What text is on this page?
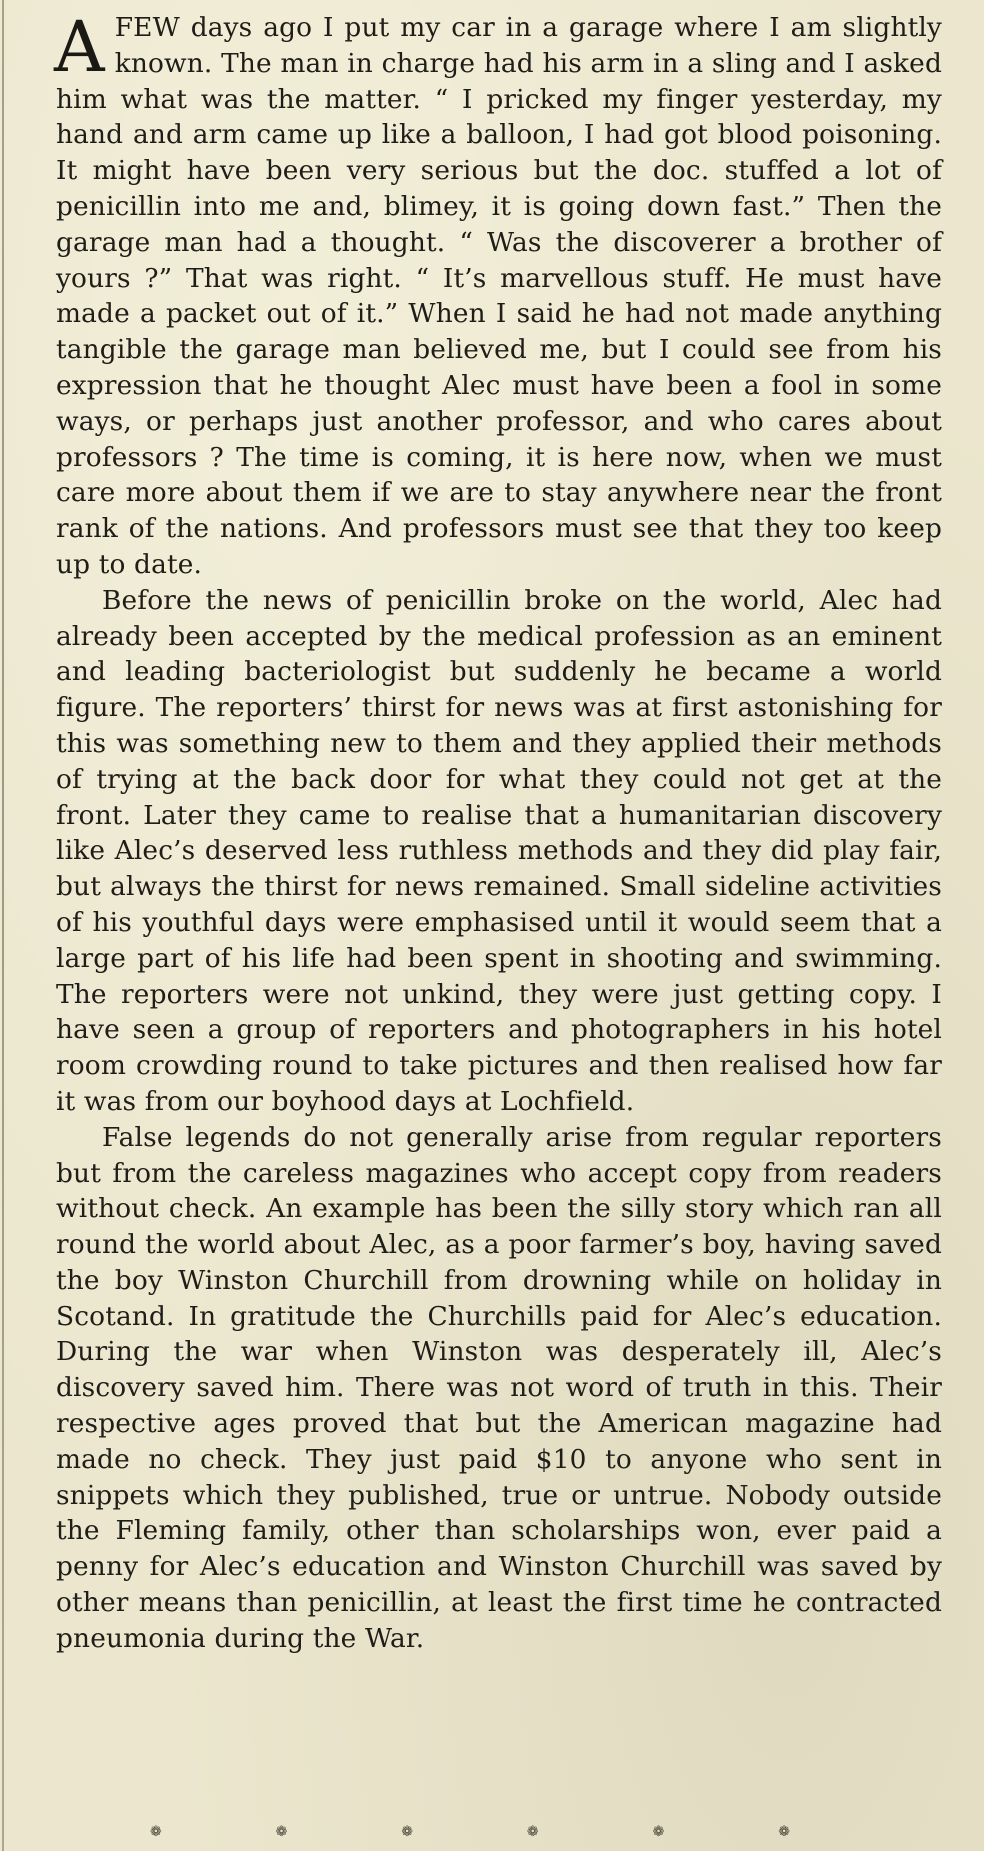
A FEW days ago I put my car in a garage where I am slightly known. The man in charge had his arm in a sling and I asked him what was the matter. “ I pricked my finger yesterday, my hand and arm came up like a balloon, I had got blood poisoning. It might have been very serious but the doc. stuffed a lot of penicillin into me and, blimey, it is going down fast.” Then the garage man had a thought. “ Was the discoverer a brother of yours ?” That was right. “ It’s marvellous stuff. He must have made a packet out of it.” When I said he had not made anything tangible the garage man believed me, but I could see from his expression that he thought Alec must have been a fool in some ways, or perhaps just another professor, and who cares about professors ? The time is coming, it is here now, when we must care more about them if we are to stay anywhere near the front rank of the nations. And professors must see that they too keep up to date.

Before the news of penicillin broke on the world, Alec had already been accepted by the medical profession as an eminent and leading bacteriologist but suddenly he became a world figure. The reporters’ thirst for news was at first astonishing for this was something new to them and they applied their methods of trying at the back door for what they could not get at the front. Later they came to realise that a humanitarian discovery like Alec’s deserved less ruthless methods and they did play fair, but always the thirst for news remained. Small sideline activities of his youthful days were emphasised until it would seem that a large part of his life had been spent in shooting and swimming. The reporters were not unkind, they were just getting copy. I have seen a group of reporters and photographers in his hotel room crowding round to take pictures and then realised how far it was from our boyhood days at Lochfield.

False legends do not generally arise from regular reporters but from the careless magazines who accept copy from readers without check. An example has been the silly story which ran all round the world about Alec, as a poor farmer’s boy, having saved the boy Winston Churchill from drowning while on holiday in Scotand. In gratitude the Churchills paid for Alec’s education. During the war when Winston was desperately ill, Alec’s discovery saved him. There was not word of truth in this. Their respective ages proved that but the American magazine had made no check. They just paid $10 to anyone who sent in snippets which they published, true or untrue. Nobody outside the Fleming family, other than scholarships won, ever paid a penny for Alec’s education and Winston Churchill was saved by other means than penicillin, at least the first time he contracted pneumonia during the War.

❁	❁	❁	❁	❁	❁
